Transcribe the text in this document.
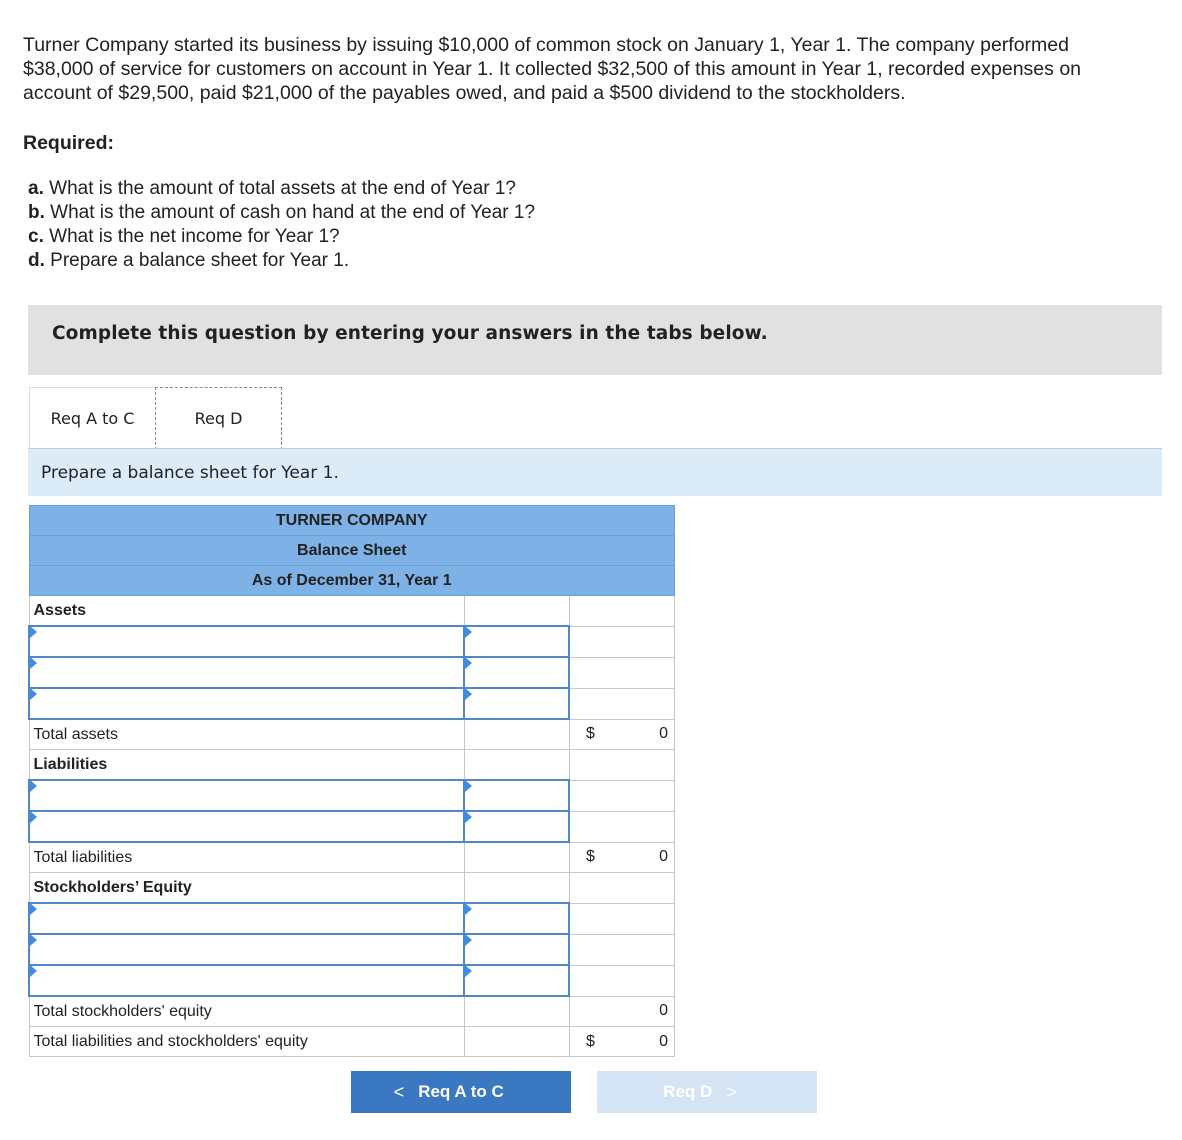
Turner Company started its business by issuing $10,000 of common stock on January 1, Year 1. The company performed
$38,000 of service for customers on account in Year 1. It collected $32,500 of this amount in Year 1, recorded expenses on
account of $29,500, paid $21,000 of the payables owed, and paid a $500 dividend to the stockholders.
Required:
a. What is the amount of total assets at the end of Year 1?
b. What is the amount of cash on hand at the end of Year 1?
c. What is the net income for Year 1?
d. Prepare a balance sheet for Year 1.
Complete this question by entering your answers in the tabs below.
Req A to C	Req D
Prepare a balance sheet for Year 1.
TURNER COMPANY		
Balance Sheet		
As of December 31, Year 1		
Assets		

Total assets		$ 0

Liabilities		

Total liabilities		$ 0

Stockholders’ Equity		

Total stockholders' equity		0

Total liabilities and stockholders' equity		$ 0
< Req A to C	Req D >
